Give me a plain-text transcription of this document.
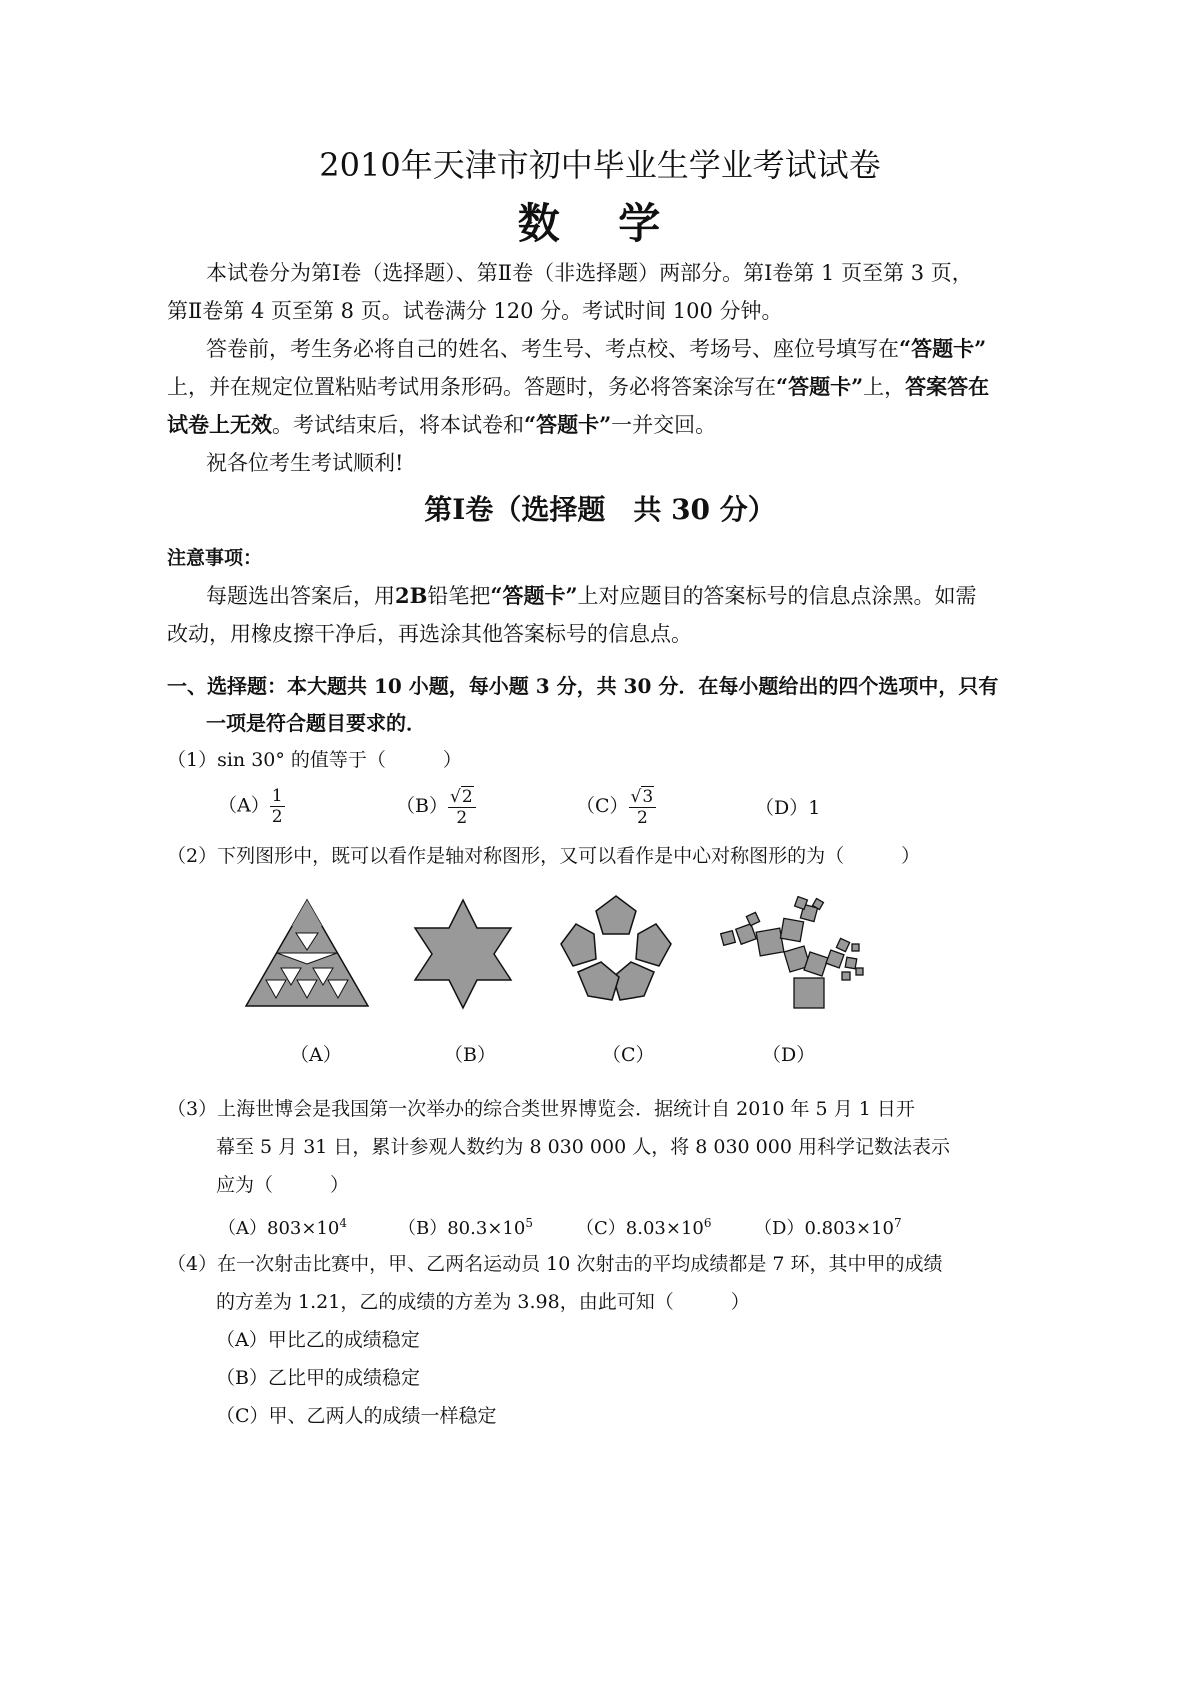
2010年天津市初中毕业生学业考试试卷
数 学
本试卷分为第Ⅰ卷（选择题）、第Ⅱ卷（非选择题）两部分。第Ⅰ卷第 1 页至第 3 页，
第Ⅱ卷第 4 页至第 8 页。试卷满分 120 分。考试时间 100 分钟。
答卷前，考生务必将自己的姓名、考生号、考点校、考场号、座位号填写在“答题卡”
上，并在规定位置粘贴考试用条形码。答题时，务必将答案涂写在“答题卡”上，答案答在
试卷上无效。考试结束后，将本试卷和“答题卡”一并交回。
祝各位考生考试顺利!
第Ⅰ卷（选择题　共 30 分）
注意事项：
每题选出答案后，用2B铅笔把“答题卡”上对应题目的答案标号的信息点涂黑。如需
改动，用橡皮擦干净后，再选涂其他答案标号的信息点。
一、选择题：本大题共 10 小题，每小题 3 分，共 30 分．在每小题给出的四个选项中，只有
一项是符合题目要求的．
（1）sin 30° 的值等于（　　　）
$(A) \frac{1}{2}$	$(B) \frac{√2}{2}$	$(C) \frac{√3}{2}$	（D）1
（2）下列图形中，既可以看作是轴对称图形，又可以看作是中心对称图形的为（　　　）
（A）	（B）	（C）	（D）
（3）上海世博会是我国第一次举办的综合类世界博览会．据统计自 2010 年 5 月 1 日开
幕至 5 月 31 日，累计参观人数约为 8 030 000 人，将 8 030 000 用科学记数法表示
应为（　　　）
$(A)803\times 10^4$	$(B)80.3\times 10^5$ $(C)8.03\times 10^6$ $(D)0.803\times 10^7$
（4）在一次射击比赛中，甲、乙两名运动员 10 次射击的平均成绩都是 7 环，其中甲的成绩
的方差为 1.21，乙的成绩的方差为 3.98，由此可知（　　　）
（A）甲比乙的成绩稳定
（B）乙比甲的成绩稳定
（C）甲、乙两人的成绩一样稳定
